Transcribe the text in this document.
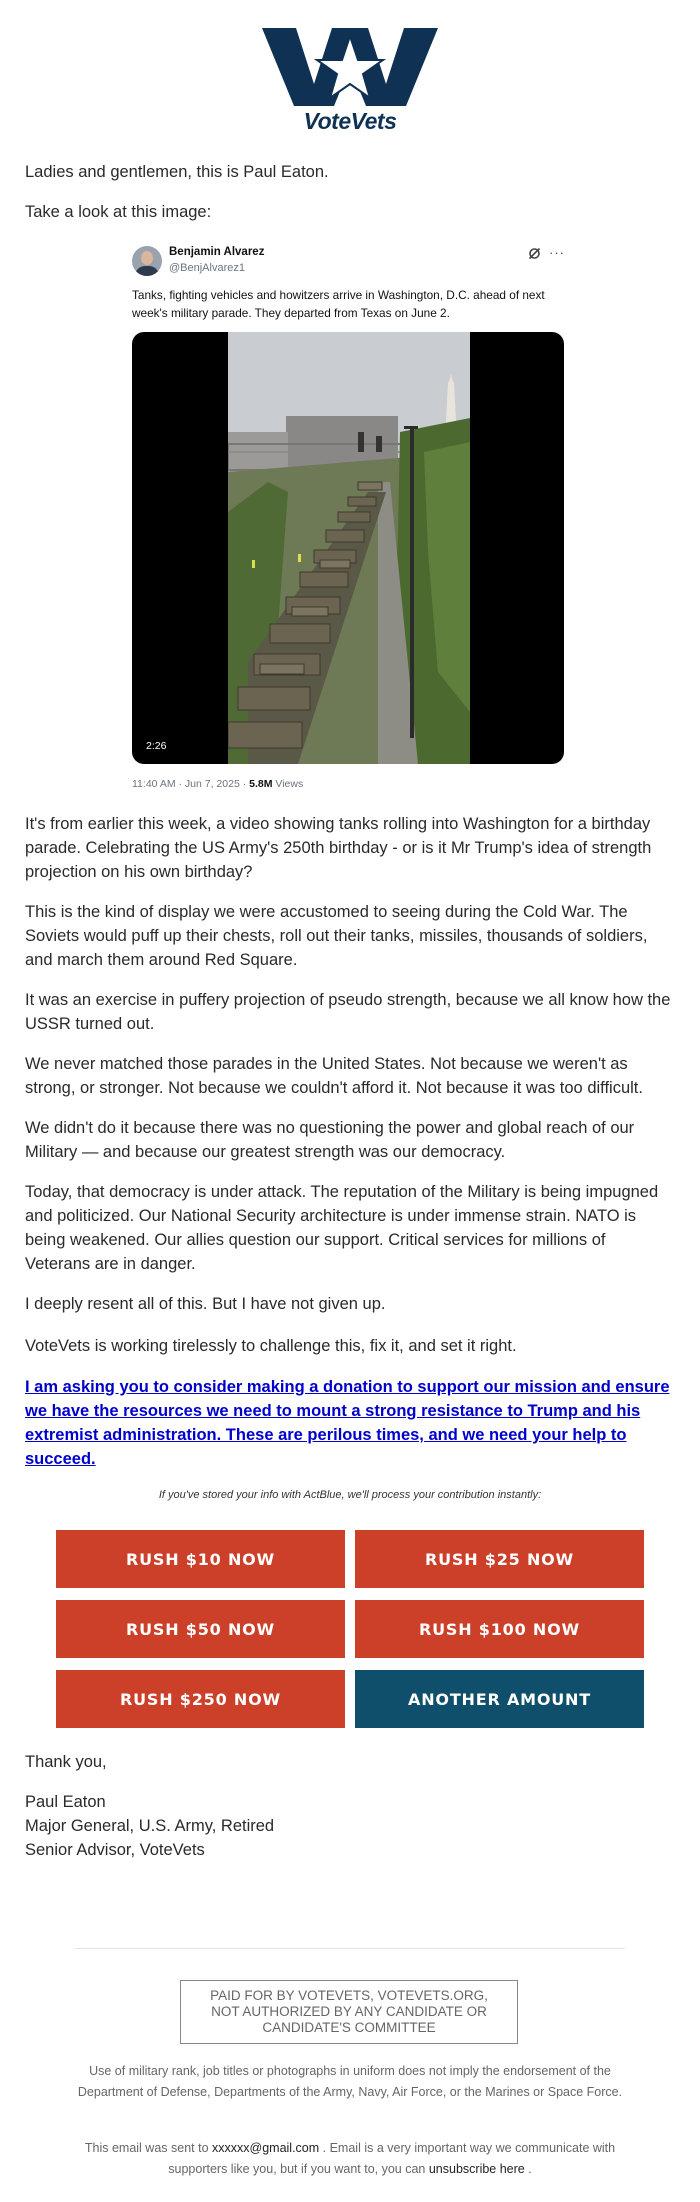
VoteVets

Ladies and gentlemen, this is Paul Eaton.

Take a look at this image:

Benjamin Alvarez
@BenjAlvarez1
···

Tanks, fighting vehicles and howitzers arrive in Washington, D.C. ahead of next week's military parade. They departed from Texas on June 2.

2:26
11:40 AM · Jun 7, 2025 · 5.8M Views

It's from earlier this week, a video showing tanks rolling into Washington for a birthday parade. Celebrating the US Army's 250th birthday - or is it Mr Trump's idea of strength projection on his own birthday?

This is the kind of display we were accustomed to seeing during the Cold War. The Soviets would puff up their chests, roll out their tanks, missiles, thousands of soldiers, and march them around Red Square.

It was an exercise in puffery projection of pseudo strength, because we all know how the USSR turned out.

We never matched those parades in the United States. Not because we weren't as strong, or stronger. Not because we couldn't afford it. Not because it was too difficult.

We didn't do it because there was no questioning the power and global reach of our Military — and because our greatest strength was our democracy.

Today, that democracy is under attack. The reputation of the Military is being impugned and politicized. Our National Security architecture is under immense strain. NATO is being weakened. Our allies question our support. Critical services for millions of Veterans are in danger.

I deeply resent all of this. But I have not given up.

VoteVets is working tirelessly to challenge this, fix it, and set it right.

I am asking you to consider making a donation to support our mission and ensure we have the resources we need to mount a strong resistance to Trump and his extremist administration. These are perilous times, and we need your help to succeed.

If you've stored your info with ActBlue, we'll process your contribution instantly:
RUSH $10 NOW	RUSH $25 NOW
RUSH $50 NOW	RUSH $100 NOW
RUSH $250 NOW	ANOTHER AMOUNT

Thank you,

Paul Eaton

Major General, U.S. Army, Retired

Senior Advisor, VoteVets

PAID FOR BY VOTEVETS, VOTEVETS.ORG, NOT AUTHORIZED BY ANY CANDIDATE OR CANDIDATE'S COMMITTEE

Use of military rank, job titles or photographs in uniform does not imply the endorsement of the Department of Defense, Departments of the Army, Navy, Air Force, or the Marines or Space Force.

This email was sent to xxxxxx@gmail.com . Email is a very important way we communicate with supporters like you, but if you want to, you can unsubscribe here .
